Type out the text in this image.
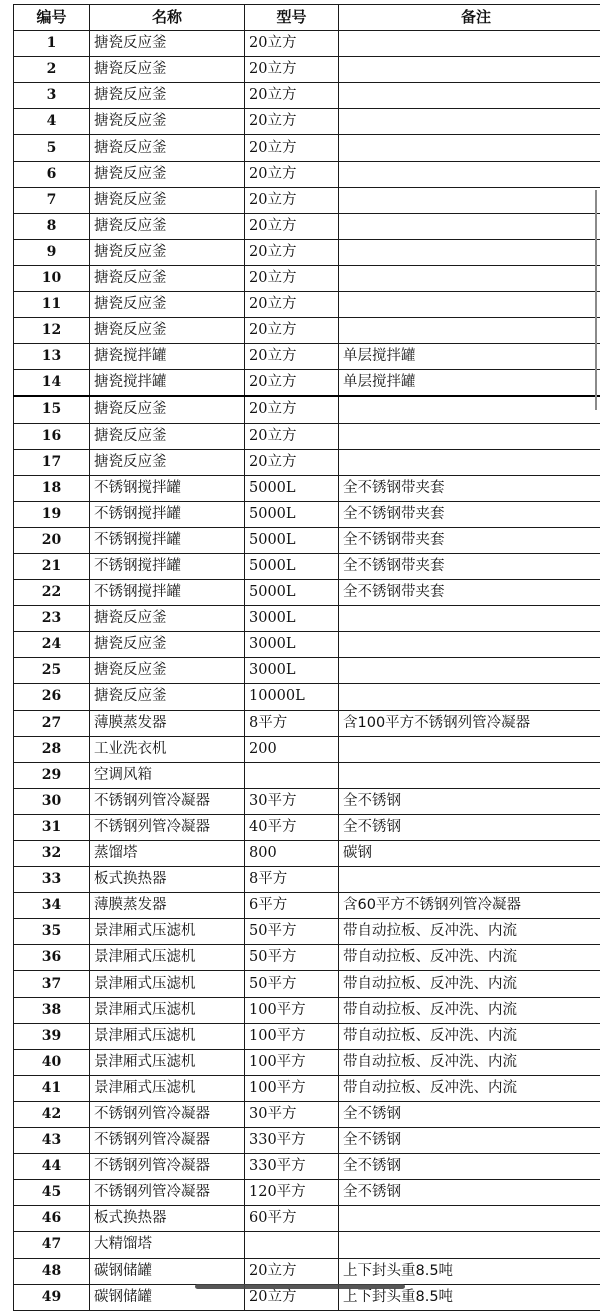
编号	名称	型号	备注
1	搪瓷反应釜	20立方	
2	搪瓷反应釜	20立方	
3	搪瓷反应釜	20立方	
4	搪瓷反应釜	20立方	
5	搪瓷反应釜	20立方	
6	搪瓷反应釜	20立方	
7	搪瓷反应釜	20立方	
8	搪瓷反应釜	20立方	
9	搪瓷反应釜	20立方	
10	搪瓷反应釜	20立方	
11	搪瓷反应釜	20立方	
12	搪瓷反应釜	20立方	
13	搪瓷搅拌罐	20立方	单层搅拌罐
14	搪瓷搅拌罐	20立方	单层搅拌罐
15	搪瓷反应釜	20立方	
16	搪瓷反应釜	20立方	
17	搪瓷反应釜	20立方	
18	不锈钢搅拌罐	5000L	全不锈钢带夹套
19	不锈钢搅拌罐	5000L	全不锈钢带夹套
20	不锈钢搅拌罐	5000L	全不锈钢带夹套
21	不锈钢搅拌罐	5000L	全不锈钢带夹套
22	不锈钢搅拌罐	5000L	全不锈钢带夹套
23	搪瓷反应釜	3000L	
24	搪瓷反应釜	3000L	
25	搪瓷反应釜	3000L	
26	搪瓷反应釜	10000L	
27	薄膜蒸发器	8平方	含100平方不锈钢列管冷凝器
28	工业洗衣机	200	
29	空调风箱		
30	不锈钢列管冷凝器	30平方	全不锈钢
31	不锈钢列管冷凝器	40平方	全不锈钢
32	蒸馏塔	800	碳钢
33	板式换热器	8平方	
34	薄膜蒸发器	6平方	含60平方不锈钢列管冷凝器
35	景津厢式压滤机	50平方	带自动拉板、反冲洗、内流
36	景津厢式压滤机	50平方	带自动拉板、反冲洗、内流
37	景津厢式压滤机	50平方	带自动拉板、反冲洗、内流
38	景津厢式压滤机	100平方	带自动拉板、反冲洗、内流
39	景津厢式压滤机	100平方	带自动拉板、反冲洗、内流
40	景津厢式压滤机	100平方	带自动拉板、反冲洗、内流
41	景津厢式压滤机	100平方	带自动拉板、反冲洗、内流
42	不锈钢列管冷凝器	30平方	全不锈钢
43	不锈钢列管冷凝器	330平方	全不锈钢
44	不锈钢列管冷凝器	330平方	全不锈钢
45	不锈钢列管冷凝器	120平方	全不锈钢
46	板式换热器	60平方	
47	大精馏塔		
48	碳钢储罐	20立方	上下封头重8.5吨
49	碳钢储罐	20立方	上下封头重8.5吨
